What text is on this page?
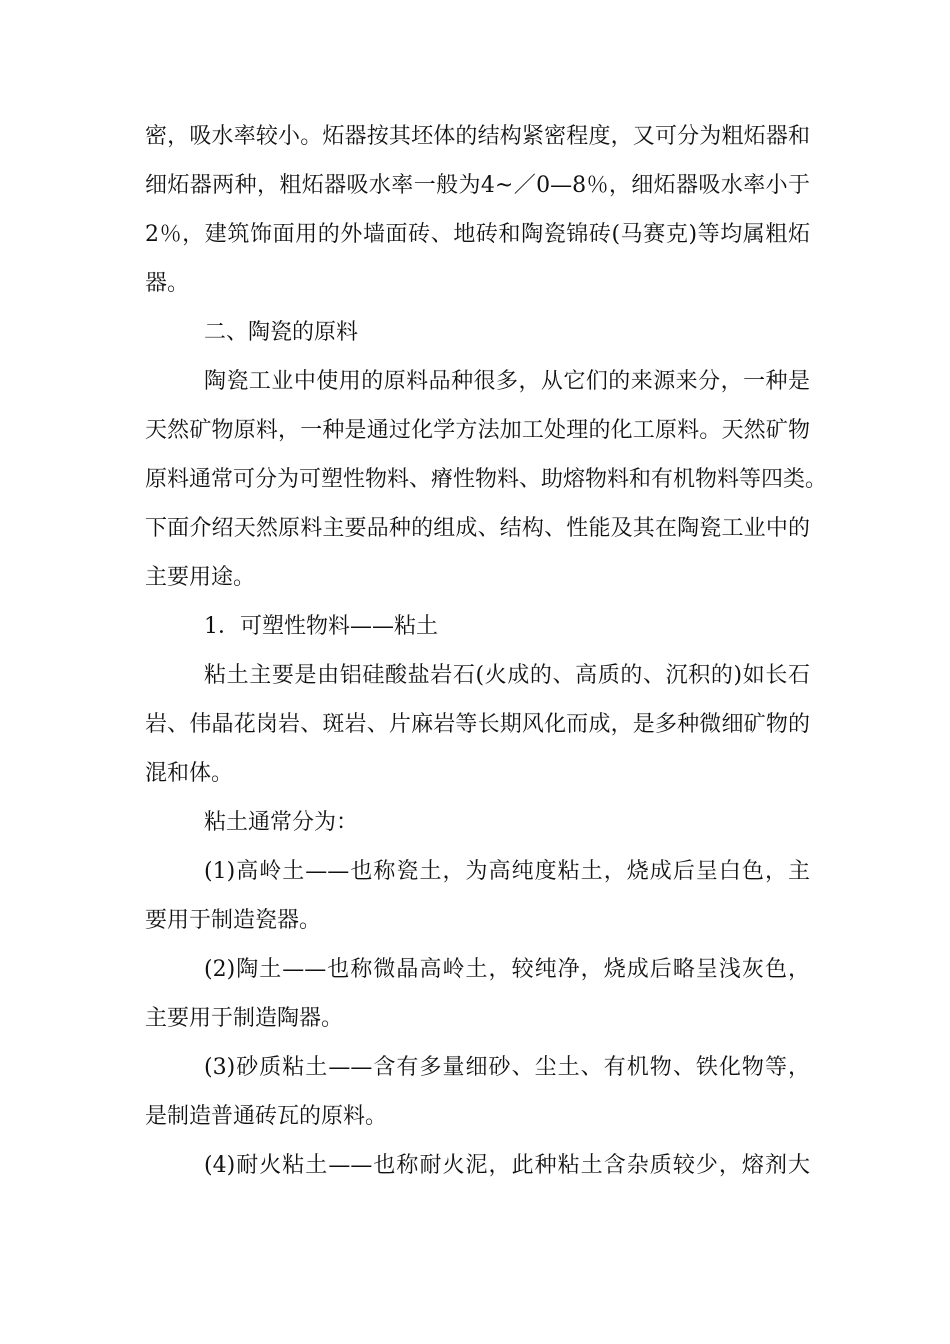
密，吸水率较小。炻器按其坯体的结构紧密程度，又可分为粗炻器和
细炻器两种，粗炻器吸水率一般为4~／0—8％，细炻器吸水率小于
2％，建筑饰面用的外墙面砖、地砖和陶瓷锦砖(马赛克)等均属粗炻
器。
二、陶瓷的原料
陶瓷工业中使用的原料品种很多，从它们的来源来分，一种是
天然矿物原料，一种是通过化学方法加工处理的化工原料。天然矿物
原料通常可分为可塑性物料、瘠性物料、助熔物料和有机物料等四类。
下面介绍天然原料主要品种的组成、结构、性能及其在陶瓷工业中的
主要用途。
1．可塑性物料——粘土
粘土主要是由铝硅酸盐岩石(火成的、高质的、沉积的)如长石
岩、伟晶花岗岩、斑岩、片麻岩等长期风化而成，是多种微细矿物的
混和体。
粘土通常分为：
(1)高岭土——也称瓷土，为高纯度粘土，烧成后呈白色，主
要用于制造瓷器。
(2)陶土——也称微晶高岭土，较纯净，烧成后略呈浅灰色，
主要用于制造陶器。
(3)砂质粘土——含有多量细砂、尘土、有机物、铁化物等，
是制造普通砖瓦的原料。
(4)耐火粘土——也称耐火泥，此种粘土含杂质较少，熔剂大
